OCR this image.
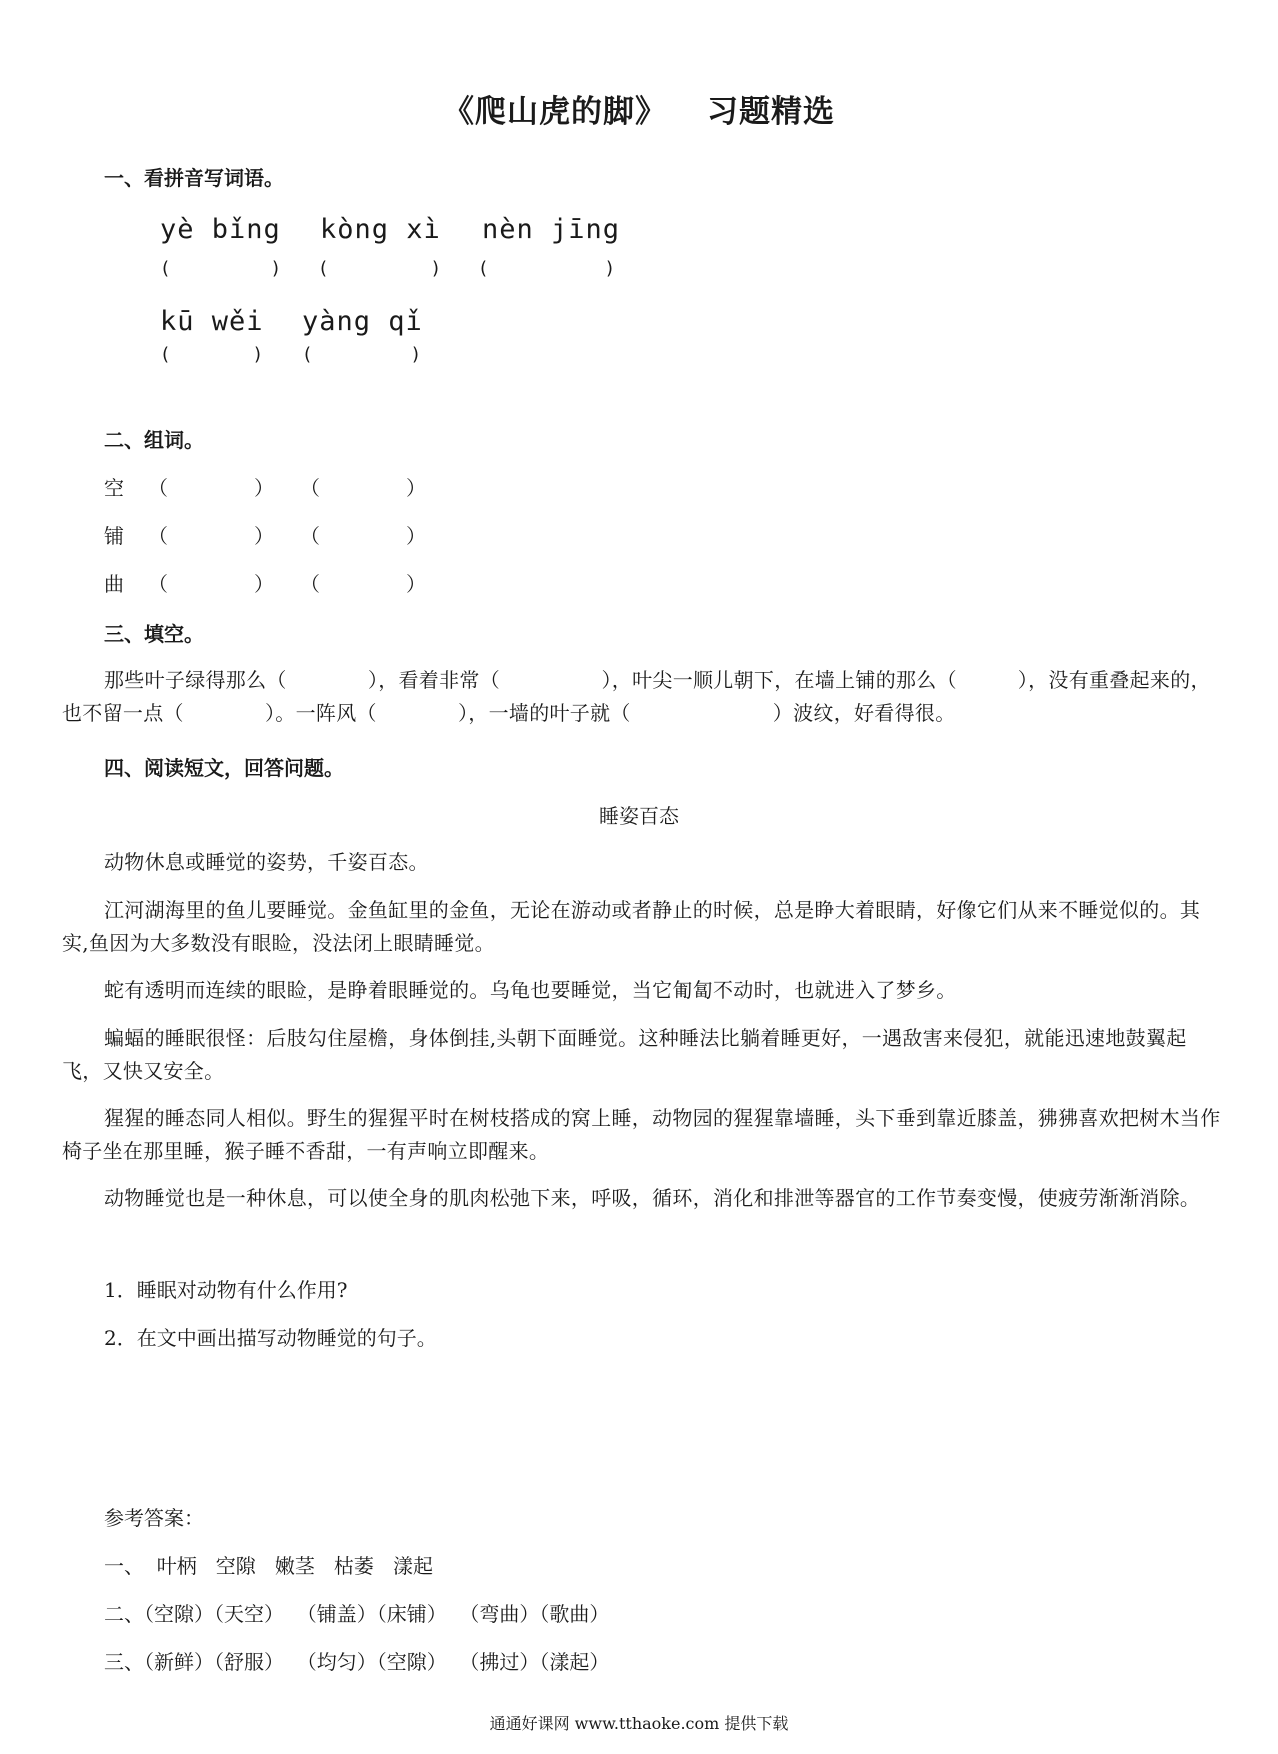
《爬山虎的脚》 习题精选
一、看拼音写词语。
yè bǐng kòng xì nèn jīng
(	) (	) (	)
kū wěi yàng qǐ
(	) (	)
二、组词。
空 （	） （	）
铺 （	） （	）
曲 （	） （	）
三、填空。
那些叶子绿得那么（　　　　），看着非常（　　　　　），叶尖一顺儿朝下，在墙上铺的那么（　　　），没有重叠起来的，也不留一点（　　　　）。一阵风（　　　　），一墙的叶子就（　　　　　　　）波纹，好看得很。
四、阅读短文，回答问题。
睡姿百态
动物休息或睡觉的姿势，千姿百态。
江河湖海里的鱼儿要睡觉。金鱼缸里的金鱼，无论在游动或者静止的时候，总是睁大着眼睛，好像它们从来不睡觉似的。其实,鱼因为大多数没有眼睑，没法闭上眼睛睡觉。
蛇有透明而连续的眼睑，是睁着眼睡觉的。乌龟也要睡觉，当它匍匐不动时，也就进入了梦乡。
蝙蝠的睡眠很怪：后肢勾住屋檐，身体倒挂,头朝下面睡觉。这种睡法比躺着睡更好，一遇敌害来侵犯，就能迅速地鼓翼起飞，又快又安全。
猩猩的睡态同人相似。野生的猩猩平时在树枝搭成的窝上睡，动物园的猩猩靠墙睡，头下垂到靠近膝盖，狒狒喜欢把树木当作椅子坐在那里睡，猴子睡不香甜，一有声响立即醒来。
动物睡觉也是一种休息，可以使全身的肌肉松弛下来，呼吸，循环，消化和排泄等器官的工作节奏变慢，使疲劳渐渐消除。
1．睡眠对动物有什么作用?
2．在文中画出描写动物睡觉的句子。
参考答案：
一、  叶柄   空隙   嫩茎   枯萎   漾起
二、（空隙）（天空）  （铺盖）（床铺）  （弯曲）（歌曲）
三、（新鲜）（舒服）  （均匀）（空隙）  （拂过）（漾起）
通通好课网 www.tthaoke.com 提供下载
